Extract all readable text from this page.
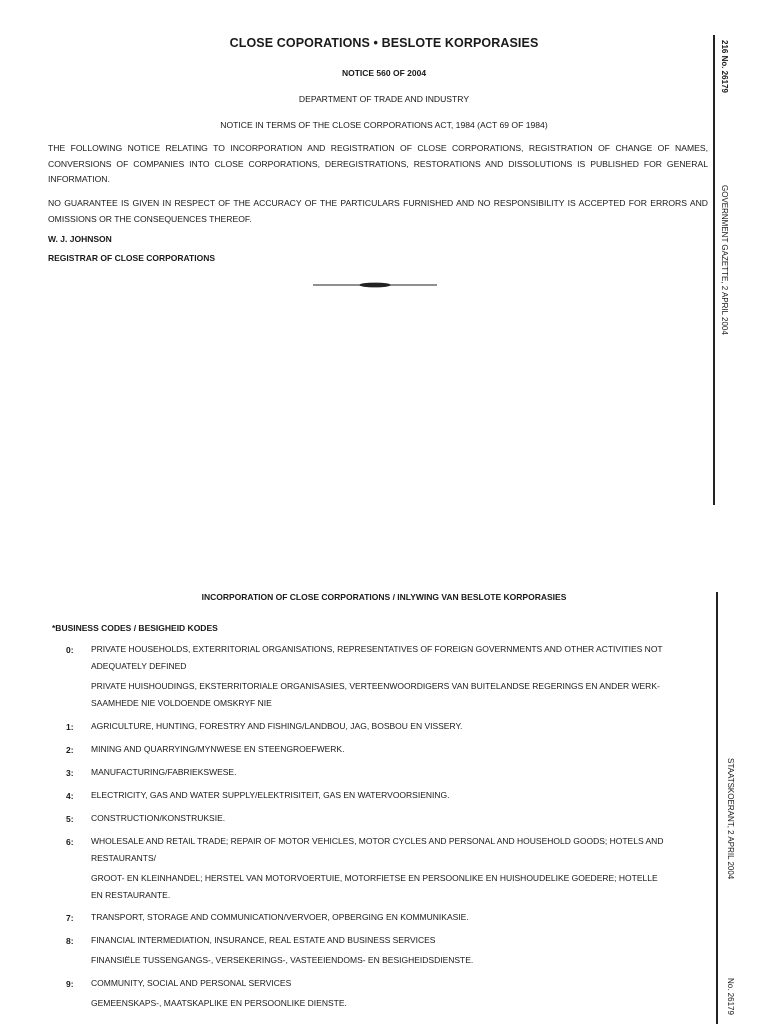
CLOSE COPORATIONS • BESLOTE KORPORASIES
NOTICE 560 OF 2004
DEPARTMENT OF TRADE AND INDUSTRY
NOTICE IN TERMS OF THE CLOSE CORPORATIONS ACT, 1984 (ACT 69 OF 1984)
THE FOLLOWING NOTICE RELATING TO INCORPORATION AND REGISTRATION OF CLOSE CORPORATIONS, REGISTRATION OF CHANGE OF NAMES, CONVERSIONS OF COMPANIES INTO CLOSE CORPORATIONS, DEREGISTRATIONS, RESTORATIONS AND DISSOLUTIONS IS PUBLISHED FOR GENERAL INFORMATION.
NO GUARANTEE IS GIVEN IN RESPECT OF THE ACCURACY OF THE PARTICULARS FURNISHED AND NO RESPONSIBILITY IS ACCEPTED FOR ERRORS AND OMISSIONS OR THE CONSEQUENCES THEREOF.
W. J. JOHNSON
REGISTRAR OF CLOSE CORPORATIONS
216 No. 26179
GOVERNMENT GAZETTE, 2 APRIL 2004
STAATSKOERANT, 2 APRIL 2004
No. 26179
INCORPORATION OF CLOSE CORPORATIONS / INLYWING VAN BESLOTE KORPORASIES
*BUSINESS CODES / BESIGHEID KODES
0: PRIVATE HOUSEHOLDS, EXTERRITORIAL ORGANISATIONS, REPRESENTATIVES OF FOREIGN GOVERNMENTS AND OTHER ACTIVITIES NOT
ADEQUATELY DEFINED
PRIVATE HUISHOUDINGS, EKSTERRITORIALE ORGANISASIES, VERTEENWOORDIGERS VAN BUITELANDSE REGERINGS EN ANDER WERK-
SAAMHEDE NIE VOLDOENDE OMSKRYF NIE
1: AGRICULTURE, HUNTING, FORESTRY AND FISHING/LANDBOU, JAG, BOSBOU EN VISSERY.
2: MINING AND QUARRYING/MYNWESE EN STEENGROEFWERK.
3: MANUFACTURING/FABRIEKSWESE.
4: ELECTRICITY, GAS AND WATER SUPPLY/ELEKTRISITEIT, GAS EN WATERVOORSIENING.
5: CONSTRUCTION/KONSTRUKSIE.
6: WHOLESALE AND RETAIL TRADE; REPAIR OF MOTOR VEHICLES, MOTOR CYCLES AND PERSONAL AND HOUSEHOLD GOODS; HOTELS AND
RESTAURANTS/
GROOT- EN KLEINHANDEL; HERSTEL VAN MOTORVOERTUIE, MOTORFIETSE EN PERSOONLIKE EN HUISHOUDELIKE GOEDERE; HOTELLE
EN RESTAURANTE.
7: TRANSPORT, STORAGE AND COMMUNICATION/VERVOER, OPBERGING EN KOMMUNIKASIE.
8: FINANCIAL INTERMEDIATION, INSURANCE, REAL ESTATE AND BUSINESS SERVICES
FINANSIËLE TUSSENGANGS-, VERSEKERINGS-, VASTEEIENDOMS- EN BESIGHEIDSDIENSTE.
9: COMMUNITY, SOCIAL AND PERSONAL SERVICES
GEMEENSKAPS-, MAATSKAPLIKE EN PERSOONLIKE DIENSTE.
